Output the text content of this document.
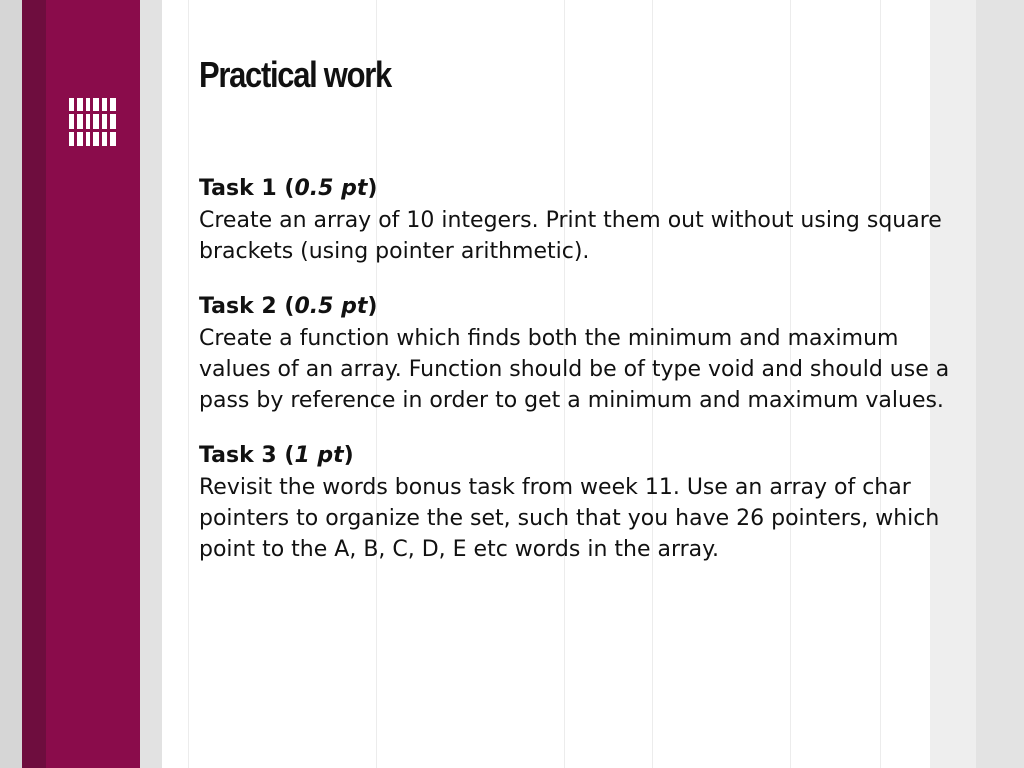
Practical work

Task 1 (0.5 pt)

Create an array of 10 integers. Print them out without using square brackets (using pointer arithmetic).

Task 2 (0.5 pt)

Create a function which finds both the minimum and maximum values of an array. Function should be of type void and should use a pass by reference in order to get a minimum and maximum values.

Task 3 (1 pt)

Revisit the words bonus task from week 11. Use an array of char pointers to organize the set, such that you have 26 pointers, which point to the A, B, C, D, E etc words in the array.
